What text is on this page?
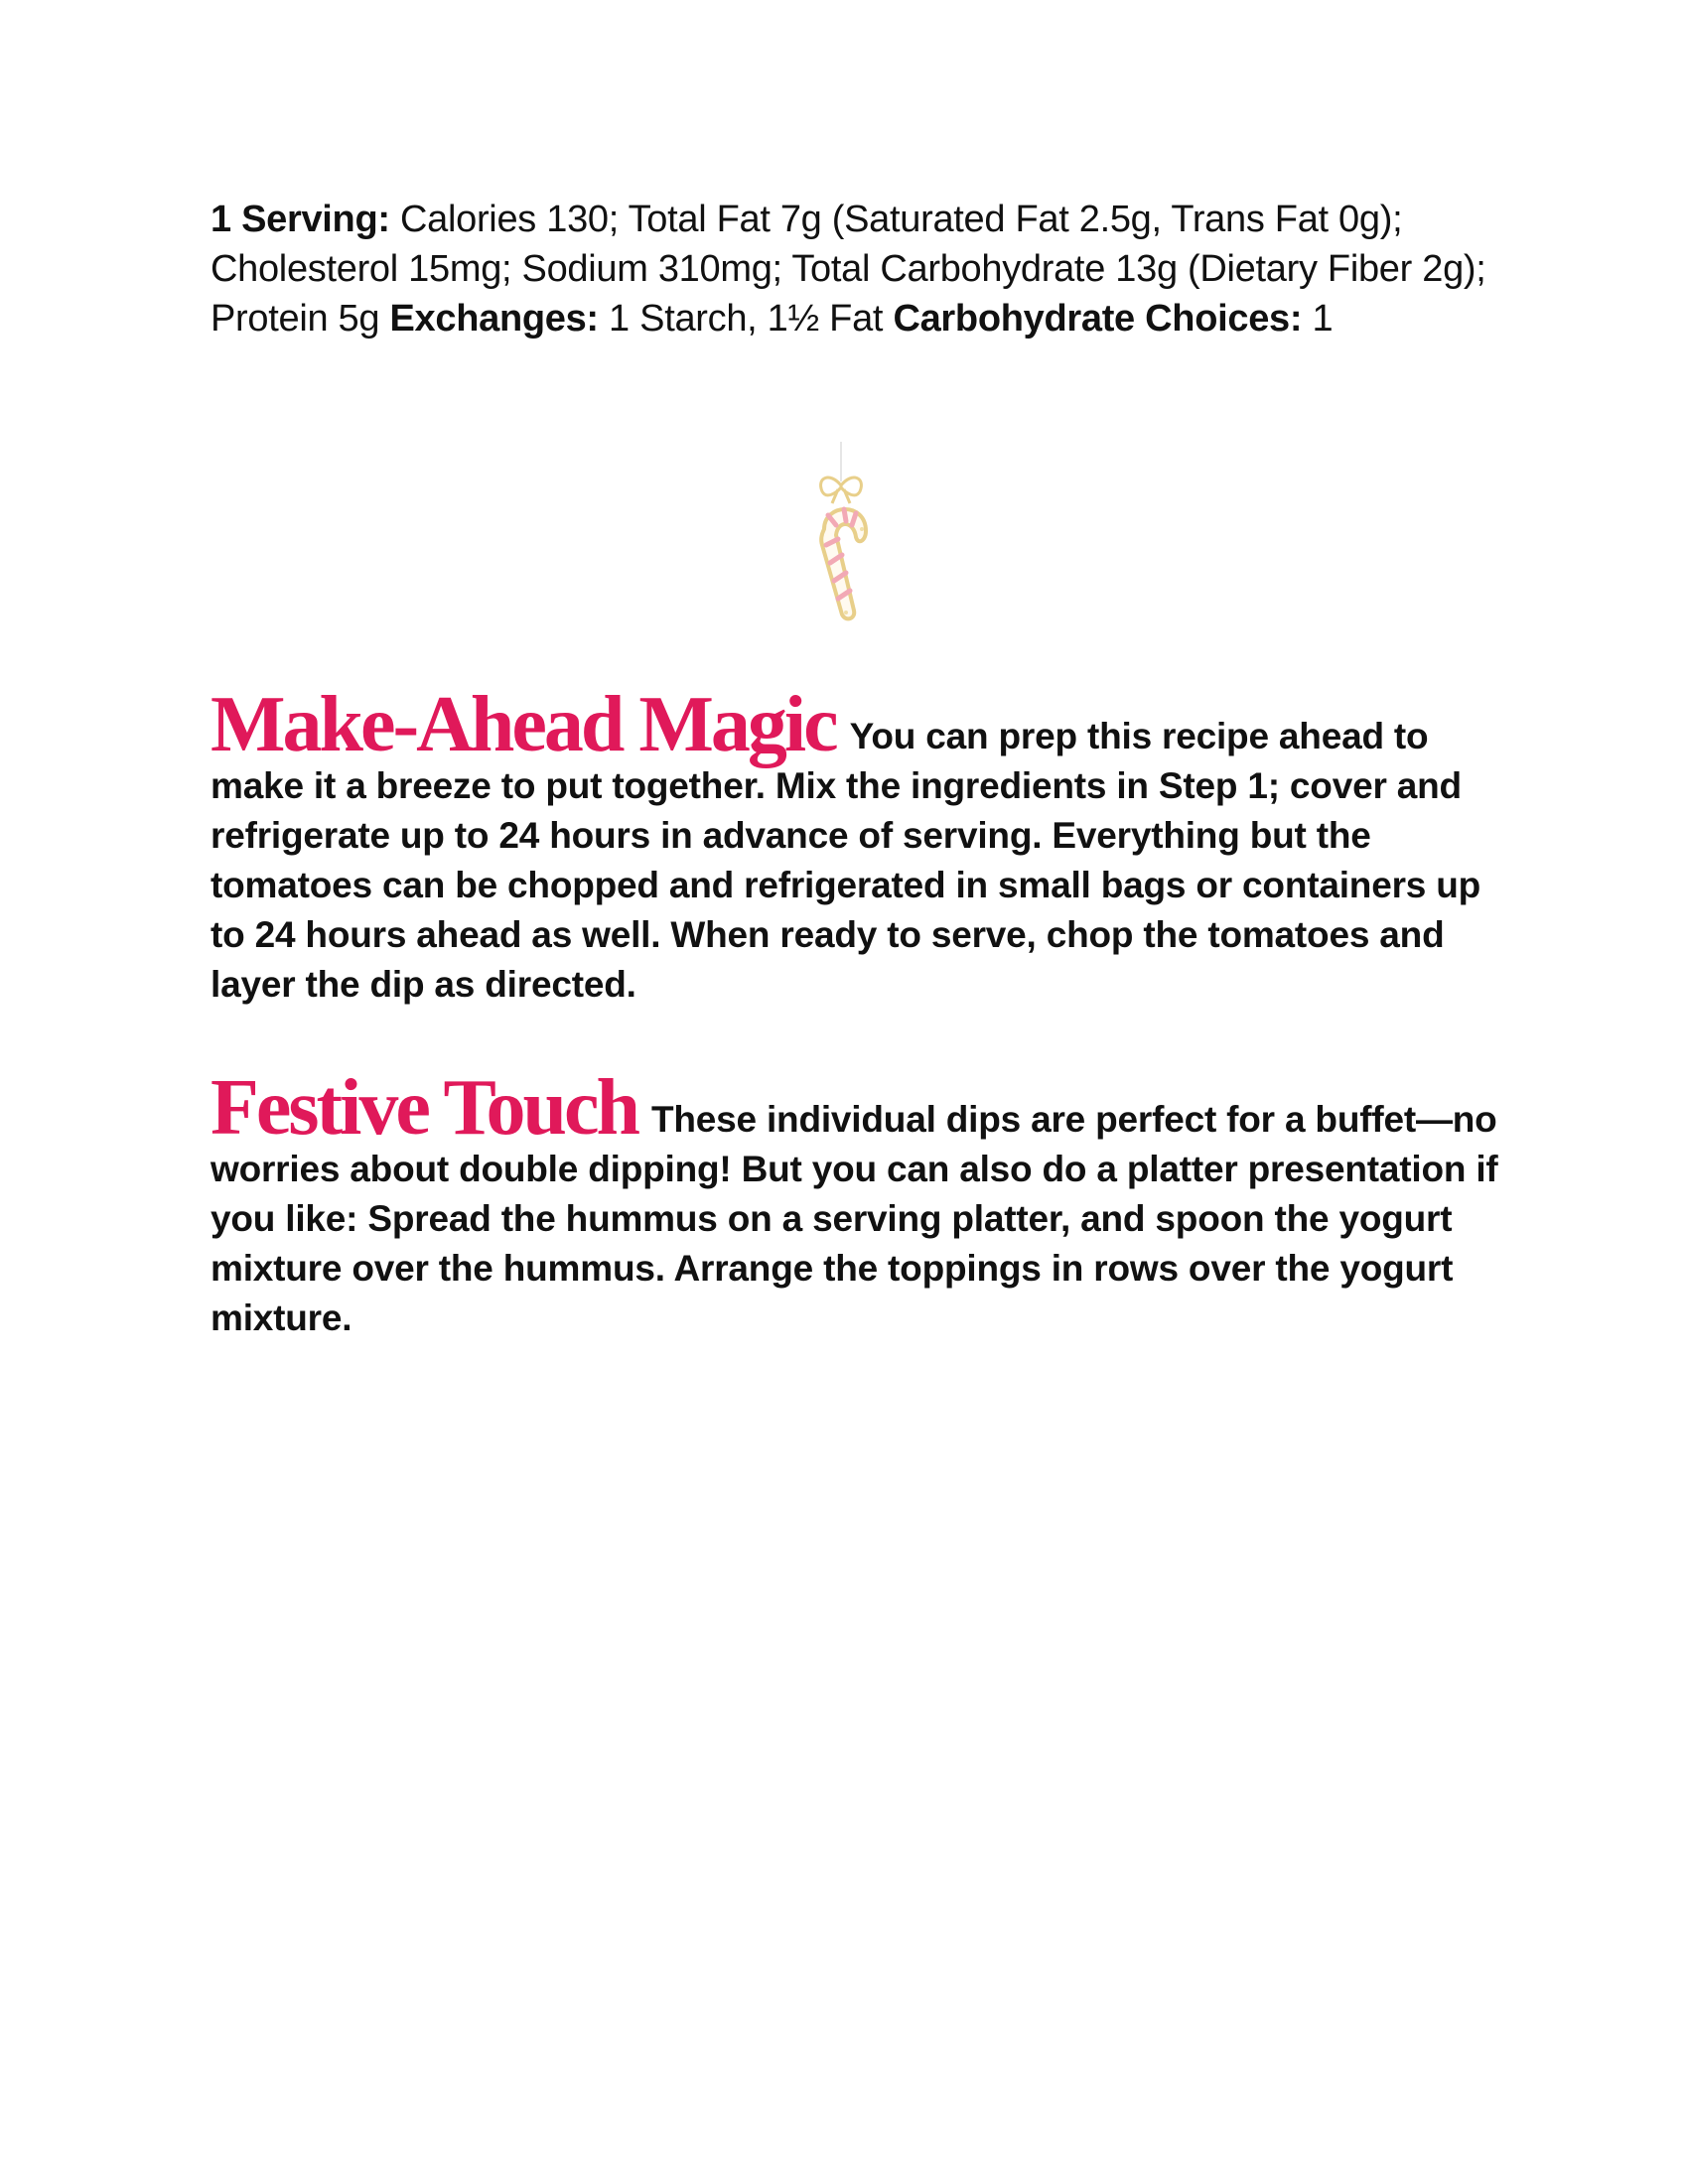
1 Serving: Calories 130; Total Fat 7g (Saturated Fat 2.5g, Trans Fat 0g); Cholesterol 15mg; Sodium 310mg; Total Carbohydrate 13g (Dietary Fiber 2g); Protein 5g Exchanges: 1 Starch, 1½ Fat Carbohydrate Choices: 1
Make-Ahead Magic You can prep this recipe ahead to make it a breeze to put together. Mix the ingredients in Step 1; cover and refrigerate up to 24 hours in advance of serving. Everything but the tomatoes can be chopped and refrigerated in small bags or containers up to 24 hours ahead as well. When ready to serve, chop the tomatoes and layer the dip as directed.
Festive Touch These individual dips are perfect for a buffet—no worries about double dipping! But you can also do a platter presentation if you like: Spread the hummus on a serving platter, and spoon the yogurt mixture over the hummus. Arrange the toppings in rows over the yogurt mixture.
